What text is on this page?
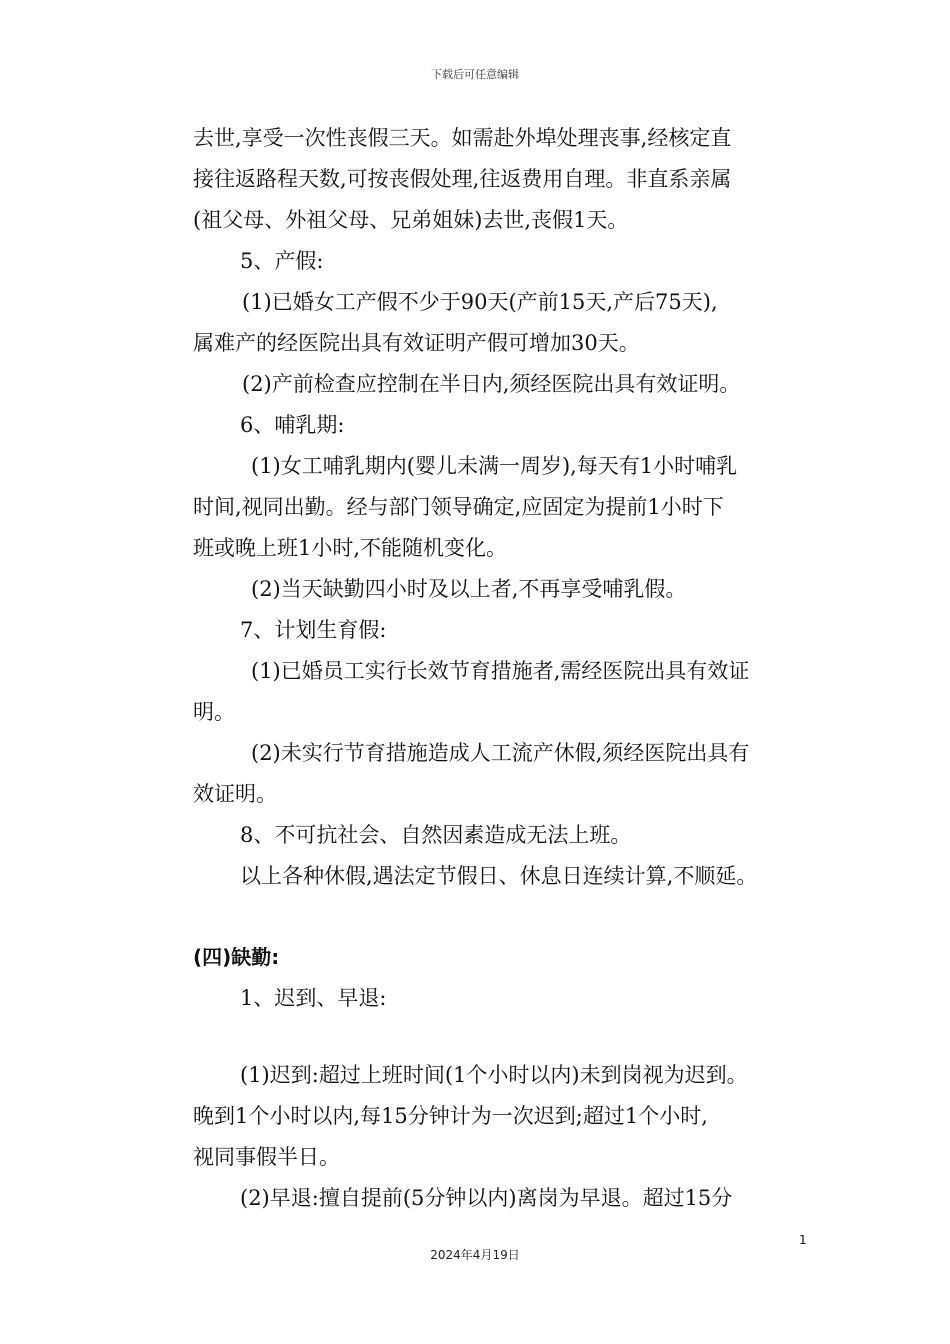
下载后可任意编辑
去世,享受一次性丧假三天。如需赴外埠处理丧事,经核定直
接往返路程天数,可按丧假处理,往返费用自理。非直系亲属
(祖父母、外祖父母、兄弟姐妹)去世,丧假1天。
5、产假:
(1)已婚女工产假不少于90天(产前15天,产后75天),
属难产的经医院出具有效证明产假可增加30天。
(2)产前检查应控制在半日内,须经医院出具有效证明。
6、哺乳期:
(1)女工哺乳期内(婴儿未满一周岁),每天有1小时哺乳
时间,视同出勤。经与部门领导确定,应固定为提前1小时下
班或晚上班1小时,不能随机变化。
(2)当天缺勤四小时及以上者,不再享受哺乳假。
7、计划生育假:
(1)已婚员工实行长效节育措施者,需经医院出具有效证
明。
(2)未实行节育措施造成人工流产休假,须经医院出具有
效证明。
8、不可抗社会、自然因素造成无法上班。
以上各种休假,遇法定节假日、休息日连续计算,不顺延。
(四)缺勤:
1、迟到、早退:
(1)迟到:超过上班时间(1个小时以内)未到岗视为迟到。
晚到1个小时以内,每15分钟计为一次迟到;超过1个小时,
视同事假半日。
(2)早退:擅自提前(5分钟以内)离岗为早退。超过15分
1
2024年4月19日
